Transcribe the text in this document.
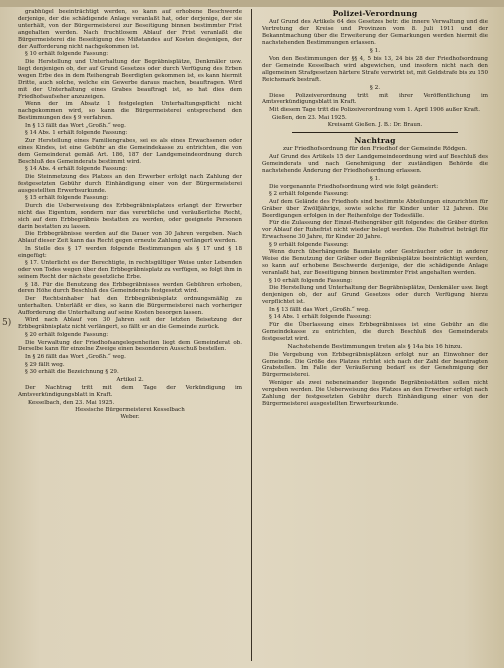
5)
grabhügel beeinträchtigt werden, so kann auf erhobene Beschwerde derjenige, der die schädigende Anlage veranlaßt hat, oder derjenige, der sie unterhält, von der Bürgermeisterei zur Beseitigung binnen bestimmter Frist angehalten werden. Nach fruchtlosem Ablauf der Frist veranlaßt die Bürgermeisterei die Beseitigung des Mißstandes auf Kosten desjenigen, der der Aufforderung nicht nachgekommen ist.
§ 10 erhält folgende Fassung:
Die Herstellung und Unterhaltung der Begräbnisplätze, Denkmäler usw. liegt denjenigen ob, der auf Grund Gesetzes oder durch Verfügung des Erben wegen Erbe des in dem Reihengrab Beerdigten gekommen ist, es kann hiermit Dritte, auch solche, welche ein Gewerbe daraus machen, beauftragen. Wird mit der Unterhaltung eines Grabes beauftragt ist, so hat dies dem Friedhofsaufseher anzuzeigen.
Wenn der im Absatz 1 festgelegten Unterhaltungspflicht nicht nachgekommen wird, so kann die Bürgermeisterei entsprechend den Bestimmungen des § 9 verfahren.
In § 13 fällt das Wort „Großh.“ weg.
§ 14 Abs. 1 erhält folgende Fassung:
Zur Herstellung eines Familiengrabes, sei es als eines Erwachsenen oder eines Kindes, ist eine Gebühr an die Gemeindekasse zu entrichten, die von dem Gemeinderat gemäß Art. 186, 187 der Landgemeindeordnung durch Beschluß des Gemeinderats bestimmt wird.
§ 14 Abs. 4 erhält folgende Fassung:
Die Steinmetzung des Platzes an den Erwerber erfolgt nach Zahlung der festgesetzten Gebühr durch Einhändigung einer von der Bürgermeisterei ausgestellten Erwerbsurkunde.
§ 15 erhält folgende Fassung:
Durch die Ueberweisung des Erbbegräbnisplatzes erlangt der Erwerber nicht das Eigentum, sondern nur das vererbliche und veräußerliche Recht, sich auf dem Erbbegräbnis bestatten zu werden, oder geeignete Personen darin bestatten zu lassen.
Die Erbbegräbnisse werden auf die Dauer von 30 Jahren vergeben. Nach Ablauf dieser Zeit kann das Recht gegen erneute Zahlung verlängert werden.
In Stelle des § 17 werden folgende Bestimmungen als § 17 und § 18 eingefügt:
§ 17. Unterlicht es der Berechtigte, in rechtsgültiger Weise unter Lebenden oder von Todes wegen über den Erbbegräbnisplatz zu verfügen, so folgt ihm in seinem Recht der nächste gesetzliche Erbe.
§ 18. Für die Benutzung des Erbbegräbnisses werden Gebühren erhoben, deren Höhe durch Beschluß des Gemeinderats festgesetzt wird.
Der Rechtsinhaber hat den Erbbegräbnisplatz ordnungsmäßig zu unterhalten. Unterläßt er dies, so kann die Bürgermeisterei nach vorheriger Aufforderung die Unterhaltung auf seine Kosten besorgen lassen.
Wird nach Ablauf von 30 Jahren seit der letzten Beisetzung der Erbbegräbnisplatz nicht verlängert, so fällt er an die Gemeinde zurück.
§ 20 erhält folgende Fassung:
Die Verwaltung der Friedhofsangelegenheiten liegt dem Gemeinderat ob. Derselbe kann für einzelne Zweige einen besonderen Ausschuß bestellen.
In § 26 fällt das Wort „Großh.“ weg.
§ 29 fällt weg.
§ 30 erhält die Bezeichnung § 29.
Artikel 2.
Der Nachtrag tritt mit dem Tage der Verkündigung im Amtsverkündigungsblatt in Kraft.
Kesselbach, den 23. Mai 1925.
Hessische Bürgermeisterei Kesselbach
Weber.
Polizei-Verordnung
Auf Grund des Artikels 64 des Gesetzes betr. die innere Verwaltung und die Vertretung der Kreise und Provinzen vom 8. Juli 1911 und der Bekanntmachung über die Erweiterung der Gemarkungen werden hiermit die nachstehenden Bestimmungen erlassen.
§ 1.
Von den Bestimmungen der §§ 4, 5 bis 13, 24 bis 28 der Friedhofsordnung der Gemeinde Kesselbach wird abgewichen, und insofern nicht nach den allgemeinen Strafgesetzen härtere Strafe verwirkt ist, mit Geldstrafe bis zu 150 Reichsmark bestraft.
§ 2.
Diese Polizeiverordnung tritt mit ihrer Veröffentlichung im Amtsverkündigungsblatt in Kraft.
Mit diesem Tage tritt die Polizeiverordnung vom 1. April 1906 außer Kraft.
Gießen, den 23. Mai 1925.
Kreisamt Gießen. J. B.: Dr. Braun.
Nachtrag
zur Friedhofsordnung für den Friedhof der Gemeinde Rödgen.
Auf Grund des Artikels 15 der Landgemeindeordnung wird auf Beschluß des Gemeinderats und nach Genehmigung der zuständigen Behörde die nachstehende Änderung der Friedhofsordnung erlassen.
§ 1.
Die vorgenannte Friedhofsordnung wird wie folgt geändert:
§ 2 erhält folgende Fassung:
Auf dem Gelände des Friedhofs sind bestimmte Abteilungen einzurichten für Gräber über Zwölfjährige, sowie solche für Kinder unter 12 Jahren. Die Beerdigungen erfolgen in der Reihenfolge der Todesfälle.
Für die Zulassung der Einzel-Reihengräber gilt folgendes: die Gräber dürfen vor Ablauf der Ruhefrist nicht wieder belegt werden. Die Ruhefrist beträgt für Erwachsene 30 Jahre, für Kinder 20 Jahre.
§ 9 erhält folgende Fassung:
Wenn durch überhängende Baumäste oder Gesträucher oder in anderer Weise die Benutzung der Gräber oder Begräbnisplätze beeinträchtigt werden, so kann auf erhobene Beschwerde derjenige, der die schädigende Anlage veranlaßt hat, zur Beseitigung binnen bestimmter Frist angehalten werden.
§ 10 erhält folgende Fassung:
Die Herstellung und Unterhaltung der Begräbnisplätze, Denkmäler usw. liegt denjenigen ob, der auf Grund Gesetzes oder durch Verfügung hierzu verpflichtet ist.
In § 13 fällt das Wort „Großh.“ weg.
§ 14 Abs. 1 erhält folgende Fassung:
Für die Überlassung eines Erbbegräbnisses ist eine Gebühr an die Gemeindekasse zu entrichten, die durch Beschluß des Gemeinderats festgesetzt wird.
Nachstehende Bestimmungen treten als § 14a bis 16 hinzu.
Die Vergebung von Erbbegräbnisplätzen erfolgt nur an Einwohner der Gemeinde. Die Größe des Platzes richtet sich nach der Zahl der beantragten Grabstellen. Im Falle der Veräußerung bedarf es der Genehmigung der Bürgermeisterei.
Weniger als zwei nebeneinander liegende Begräbnisstätten sollen nicht vergeben werden. Die Ueberweisung des Platzes an den Erwerber erfolgt nach Zahlung der festgesetzten Gebühr durch Einhändigung einer von der Bürgermeisterei ausgestellten Erwerbsurkunde.
